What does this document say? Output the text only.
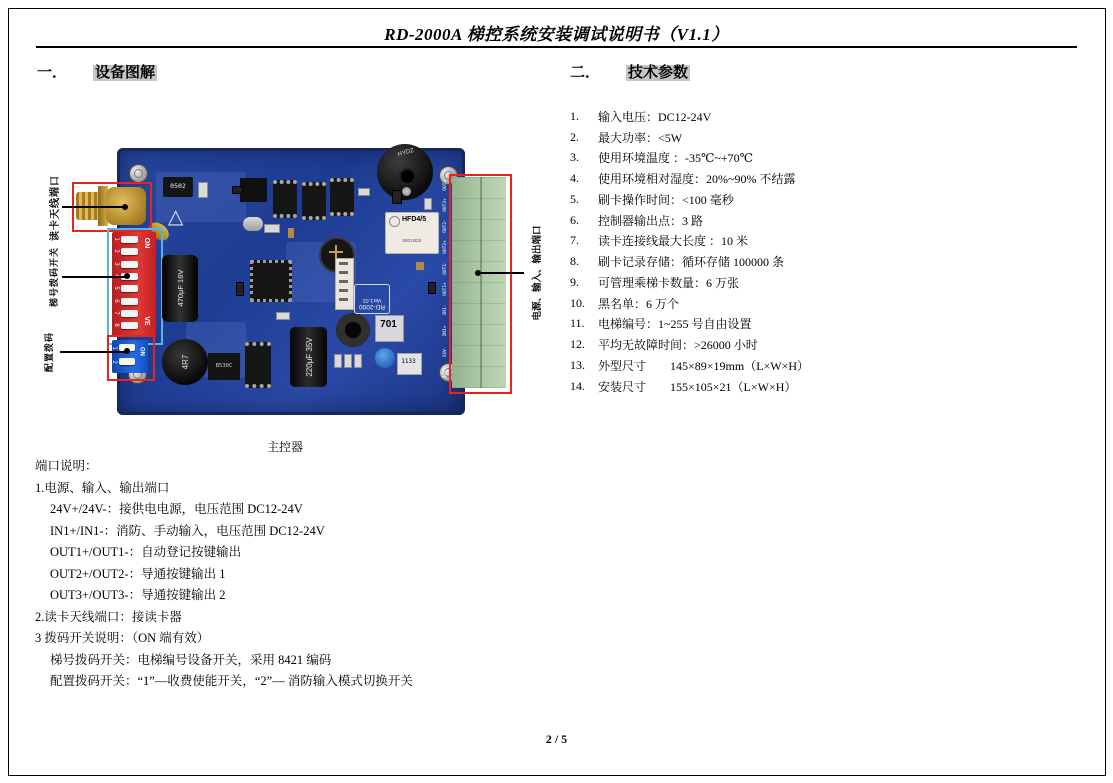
RD-2000A 梯控系统安装调试说明书（V1.1）
一． 设备图解	二． 技术参数
1.	输入电压：DC12-24V
2.	最大功率：<5W
3.	使用环境温度 ：-35℃~+70℃
4.	使用环境相对湿度：20%~90% 不结露
5.	刷卡操作时间：<100 毫秒
6.	控制器输出点：3 路
7.	读卡连接线最大长度 ：10 米
8.	刷卡记录存储：循环存储 100000 条
9.	可管理乘梯卡数量：6 万张
10.	黑名单：6 万个
11.	电梯编号：1~255 号自由设置
12.	平均无故障时间：>26000 小时
13.	外型尺寸　　145×89×19mm（L×W×H）
14.	安装尺寸　　155×105×21（L×W×H）
1
2
3
5
6
7
8
ON
VE
1
2
ON
OUT3-
OUT3+
OUT2-
OUT2+
OUT1-
OUT1+
IN1-
IN1+
24V-
24V+
HYDZ
HFD4/5
X8013G8
470μF 16V
220μF 35V
4R7
701
0502
△
RD-2000
Ver1.01
B530C
1133
读卡天线端口
梯号拨码开关
配置拨码
电源、输入、输出端口
主控器
端口说明：
1.电源、输入、输出端口
24V+/24V-：接供电电源，电压范围 DC12-24V
IN1+/IN1-：消防、手动输入，电压范围 DC12-24V
OUT1+/OUT1-：自动登记按键输出
OUT2+/OUT2-：导通按键输出 1
OUT3+/OUT3-：导通按键输出 2
2.读卡天线端口：接读卡器
3 拨码开关说明：（ON 端有效）
梯号拨码开关：电梯编号设备开关，采用 8421 编码
配置拨码开关：“1”—收费使能开关，“2”— 消防输入模式切换开关
2 / 5
